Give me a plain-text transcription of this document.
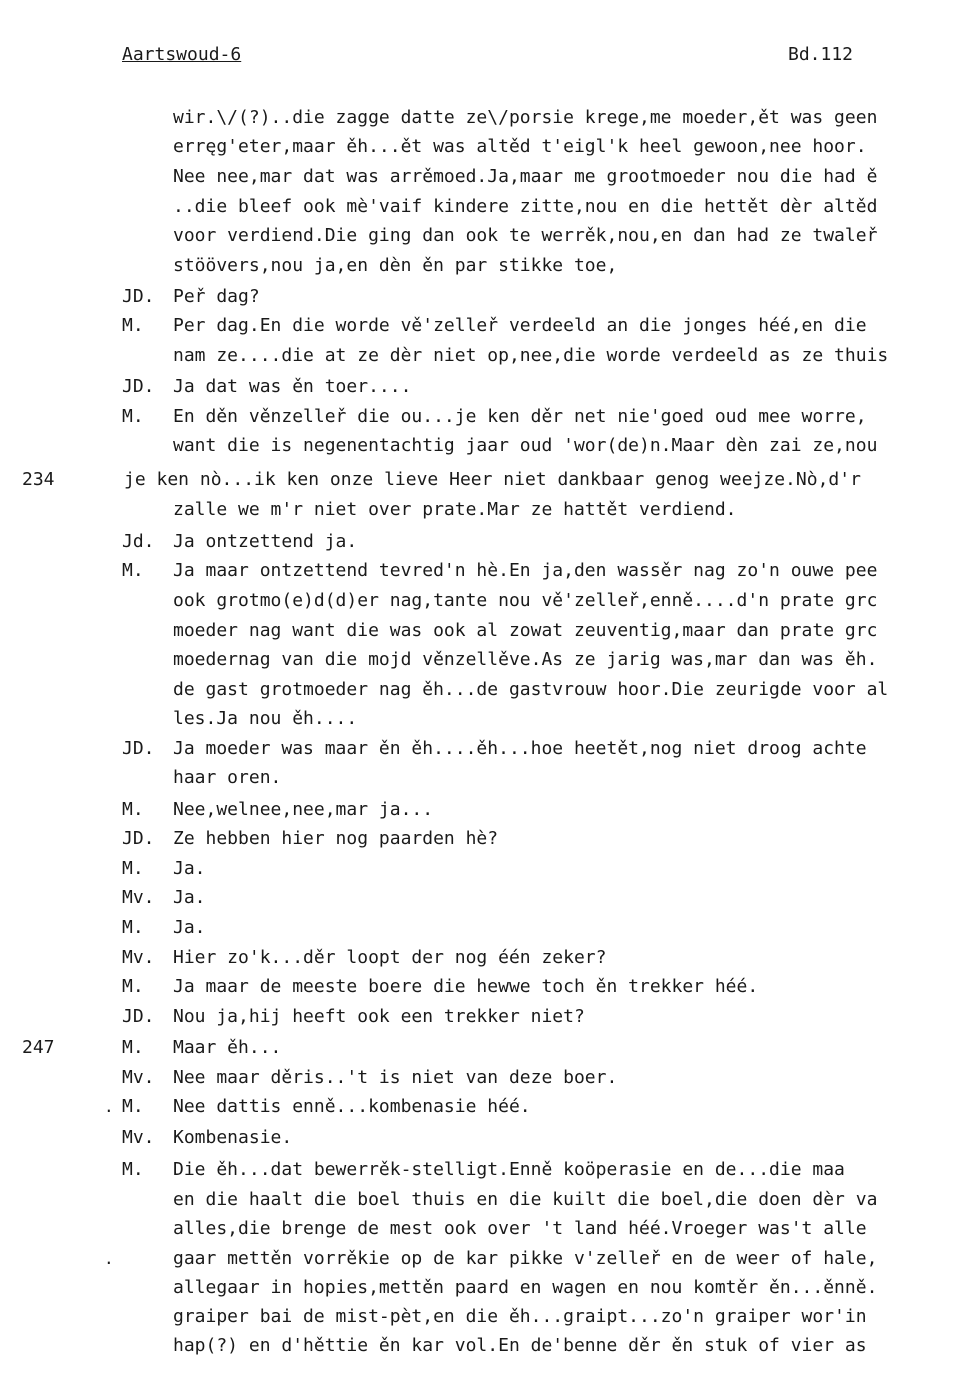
Aartswoud-6	Bd.112
wir.\/(?)..die zagge datte ze\/porsie krege,me moeder,ět was geen
erręg'eter,maar ěh...ět was altěd t'eigl'k heel gewoon,nee hoor.
Nee nee,mar dat was arrěmoed.Ja,maar me grootmoeder nou die had ě
..die bleef ook mè'vaif kindere zitte,nou en die hettět dèr altěd
voor verdiend.Die ging dan ook te werrěk,nou,en dan had ze twaleř
stöövers,nou ja,en dèn ěn par stikke toe,
JD. Peř dag?
M. Per dag.En die worde vě'zelleř verdeeld an die jonges héé,en die
nam ze....die at ze dèr niet op,nee,die worde verdeeld as ze thuis
JD. Ja dat was ěn toer....
M. En děn věnzelleř die ou...je ken děr net nie'goed oud mee worre,
want die is negenentachtig jaar oud 'wor(de)n.Maar dèn zai ze,nou
234	je ken nò...ik ken onze lieve Heer niet dankbaar genog weejze.Nò,d'r
zalle we m'r niet over prate.Mar ze hattět verdiend.
Jd. Ja ontzettend ja.
M. Ja maar ontzettend tevred'n hè.En ja,den wassěr nag zo'n ouwe pee
ook grotmo(e)d(d)er nag,tante nou vě'zelleř,enně....d'n prate grc
moeder nag want die was ook al zowat zeuventig,maar dan prate grc
moedernag van die mojd věnzellěve.As ze jarig was,mar dan was ěh.
de gast grotmoeder nag ěh...de gastvrouw hoor.Die zeurigde voor al
les.Ja nou ěh....
JD. Ja moeder was maar ěn ěh....ěh...hoe heetět,nog niet droog achte
haar oren.
M. Nee,welnee,nee,mar ja...
JD. Ze hebben hier nog paarden hè?
M. Ja.
Mv. Ja.
M. Ja.
Mv. Hier zo'k...děr loopt der nog één zeker?
M. Ja maar de meeste boere die hewwe toch ěn trekker héé.
JD. Nou ja,hij heeft ook een trekker niet?
247	M. Maar ěh...
Mv. Nee maar děris..'t is niet van deze boer.
. M. Nee dattis enně...kombenasie héé.
Mv. Kombenasie.
M. Die ěh...dat bewerrěk-stelligt.Enně koöperasie en de...die maa
en die haalt die boel thuis en die kuilt die boel,die doen dèr va
alles,die brenge de mest ook over 't land héé.Vroeger was't alle
.	gaar mettěn vorrěkie op de kar pikke v'zelleř en de weer of hale,
allegaar in hopies,mettěn paard en wagen en nou komtěr ěn...ěnně.
graiper bai de mist-pèt,en die ěh...graipt...zo'n graiper wor'in
hap(?) en d'hěttie ěn kar vol.En de'benne děr ěn stuk of vier as
